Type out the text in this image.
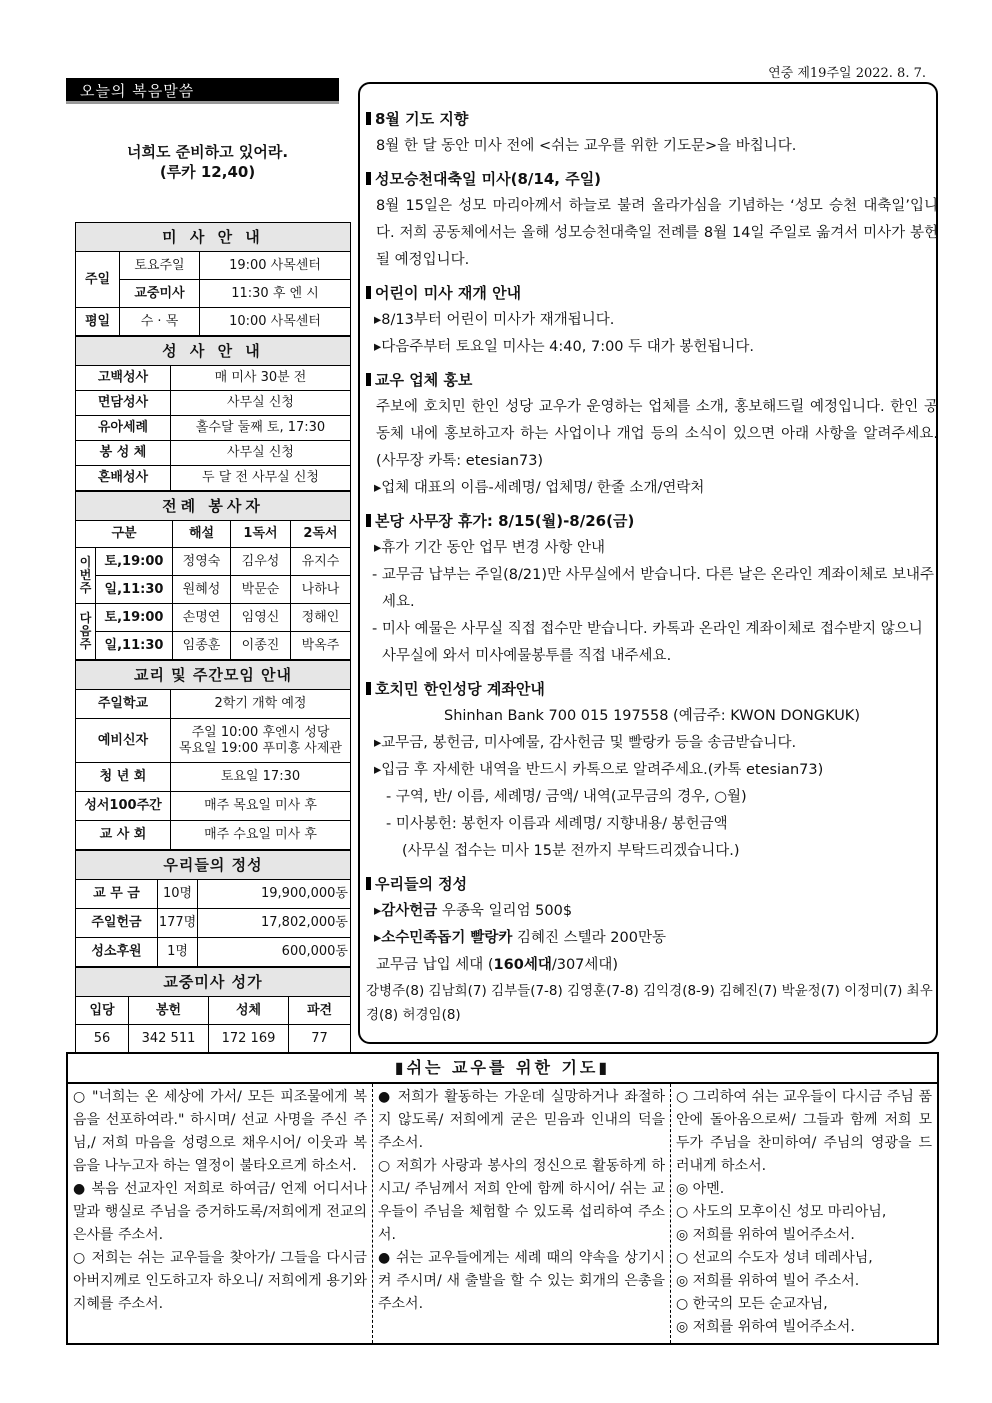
연중 제19주일 2022. 8. 7.
오늘의 복음말씀
너희도 준비하고 있어라.
(루카 12,40)
미 사 안 내		
주일	토요주일	19:00 사목센터
	교중미사	11:30 후 엔 시
평일	수 · 목	10:00 사목센터
성 사 안 내	
고백성사	매 미사 30분 전
면담성사	사무실 신청
유아세례	홀수달 둘째 토, 17:30
봉 성 체	사무실 신청
혼배성사	두 달 전 사무실 신청
전례 봉사자				
구분		해설	1독서	2독서
이번주	토,19:00	정영숙	김우성	유지수
	일,11:30	원혜성	박문순	나하나
다음주	토,19:00	손명연	임영신	정해인
	일,11:30	임종훈	이종진	박옥주
교리 및 주간모임 안내	
주일학교	2학기 개학 예정
예비신자	주일 10:00 후엔시 성당
목요일 19:00 푸미흥 사제관

청 년 회	토요일 17:30
성서100주간	매주 목요일 미사 후
교 사 회	매주 수요일 미사 후
우리들의 정성		
교 무 금	10명	19,900,000동
주일헌금	177명	17,802,000동
성소후원	1명	600,000동
교중미사 성가			
입당	봉헌	성체	파견
56	342 511	172 169	77
8월 기도 지향
8월 한 달 동안 미사 전에 <쉬는 교우를 위한 기도문>을 바칩니다.
성모승천대축일 미사(8/14, 주일)
8월 15일은 성모 마리아께서 하늘로 불려 올라가심을 기념하는 ‘성모 승천 대축일’입니다. 저희 공동체에서는 올해 성모승천대축일 전례를 8월 14일 주일로 옮겨서 미사가 봉헌될 예정입니다.
어린이 미사 재개 안내
▸8/13부터 어린이 미사가 재개됩니다.
▸다음주부터 토요일 미사는 4:40, 7:00 두 대가 봉헌됩니다.
교우 업체 홍보
주보에 호치민 한인 성당 교우가 운영하는 업체를 소개, 홍보해드릴 예정입니다. 한인 공동체 내에 홍보하고자 하는 사업이나 개업 등의 소식이 있으면 아래 사항을 알려주세요.(사무장 카톡: etesian73)
▸업체 대표의 이름-세례명/ 업체명/ 한줄 소개/연락처
본당 사무장 휴가: 8/15(월)-8/26(금)
▸휴가 기간 동안 업무 변경 사항 안내
- 교무금 납부는 주일(8/21)만 사무실에서 받습니다. 다른 날은 온라인 계좌이체로 보내주세요.
- 미사 예물은 사무실 직접 접수만 받습니다. 카톡과 온라인 계좌이체로 접수받지 않으니 사무실에 와서 미사예물봉투를 직접 내주세요.
호치민 한인성당 계좌안내
Shinhan Bank 700 015 197558 (예금주: KWON DONGKUK)
▸교무금, 봉헌금, 미사예물, 감사헌금 및 빨랑카 등을 송금받습니다.
▸입금 후 자세한 내역을 반드시 카톡으로 알려주세요.(카톡 etesian73)
- 구역, 반/ 이름, 세례명/ 금액/ 내역(교무금의 경우, ○월)
- 미사봉헌: 봉헌자 이름과 세례명/ 지향내용/ 봉헌금액
(사무실 접수는 미사 15분 전까지 부탁드리겠습니다.)
우리들의 정성
▸감사헌금 우종욱 일리엄 500$
▸소수민족돕기 빨랑카 김혜진 스텔라 200만동
교무금 납입 세대 (160세대/307세대)
강병주(8) 김남희(7) 김부들(7-8) 김영훈(7-8) 김익경(8-9) 김혜진(7) 박윤정(7) 이정미(7) 최우경(8) 허경임(8)
▮쉬는 교우를 위한 기도▮
○ "너희는 온 세상에 가서/ 모든 피조물에게 복음을 선포하여라." 하시며/ 선교 사명을 주신 주님,/ 저희 마음을 성령으로 채우시어/ 이웃과 복음을 나누고자 하는 열정이 불타오르게 하소서.
● 복음 선교자인 저희로 하여금/ 언제 어디서나 말과 행실로 주님을 증거하도록/저희에게 전교의 은사를 주소서.
○ 저희는 쉬는 교우들을 찾아가/ 그들을 다시금 아버지께로 인도하고자 하오니/ 저희에게 용기와 지혜를 주소서.
● 저희가 활동하는 가운데 실망하거나 좌절하지 않도록/ 저희에게 굳은 믿음과 인내의 덕을 주소서.
○ 저희가 사랑과 봉사의 정신으로 활동하게 하시고/ 주님께서 저희 안에 함께 하시어/ 쉬는 교우들이 주님을 체험할 수 있도록 섭리하여 주소서.
● 쉬는 교우들에게는 세례 때의 약속을 상기시켜 주시며/ 새 출발을 할 수 있는 회개의 은총을 주소서.
○ 그리하여 쉬는 교우들이 다시금 주님 품 안에 돌아옴으로써/ 그들과 함께 저희 모두가 주님을 찬미하여/ 주님의 영광을 드러내게 하소서.
◎ 아멘.
○ 사도의 모후이신 성모 마리아님,
◎ 저희를 위하여 빌어주소서.
○ 선교의 수도자 성녀 데레사님,
◎ 저희를 위하여 빌어 주소서.
○ 한국의 모든 순교자님,
◎ 저희를 위하여 빌어주소서.
